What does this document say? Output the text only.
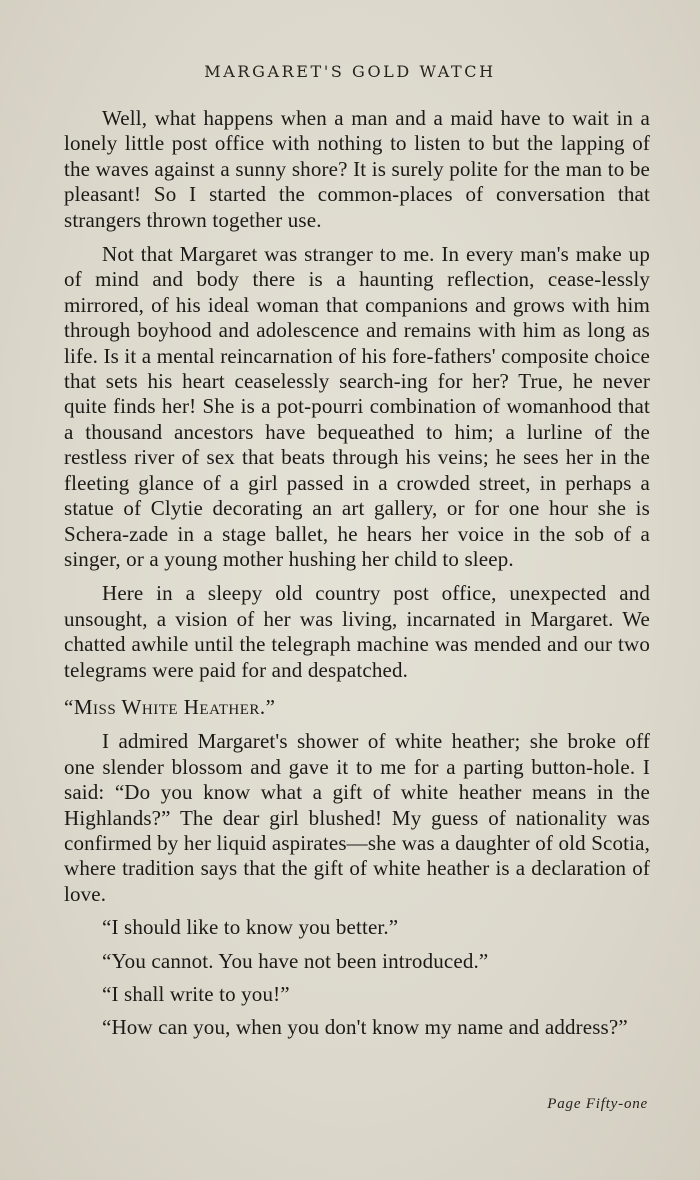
MARGARET'S GOLD WATCH

Well, what happens when a man and a maid have to wait in a lonely little post office with nothing to listen to but the lapping of the waves against a sunny shore? It is surely polite for the man to be pleasant! So I started the common-places of conversation that strangers thrown together use.

Not that Margaret was stranger to me. In every man's make up of mind and body there is a haunting reflection, cease-lessly mirrored, of his ideal woman that companions and grows with him through boyhood and adolescence and remains with him as long as life. Is it a mental reincarnation of his fore-fathers' composite choice that sets his heart ceaselessly search-ing for her? True, he never quite finds her! She is a pot-pourri combination of womanhood that a thousand ancestors have bequeathed to him; a lurline of the restless river of sex that beats through his veins; he sees her in the fleeting glance of a girl passed in a crowded street, in perhaps a statue of Clytie decorating an art gallery, or for one hour she is Schera-zade in a stage ballet, he hears her voice in the sob of a singer, or a young mother hushing her child to sleep.

Here in a sleepy old country post office, unexpected and unsought, a vision of her was living, incarnated in Margaret. We chatted awhile until the telegraph machine was mended and our two telegrams were paid for and despatched.

“Miss White Heather.”

I admired Margaret's shower of white heather; she broke off one slender blossom and gave it to me for a parting button-hole. I said: “Do you know what a gift of white heather means in the Highlands?” The dear girl blushed! My guess of nationality was confirmed by her liquid aspirates—she was a daughter of old Scotia, where tradition says that the gift of white heather is a declaration of love.

“I should like to know you better.”

“You cannot. You have not been introduced.”

“I shall write to you!”

“How can you, when you don't know my name and address?”

Page Fifty-one
